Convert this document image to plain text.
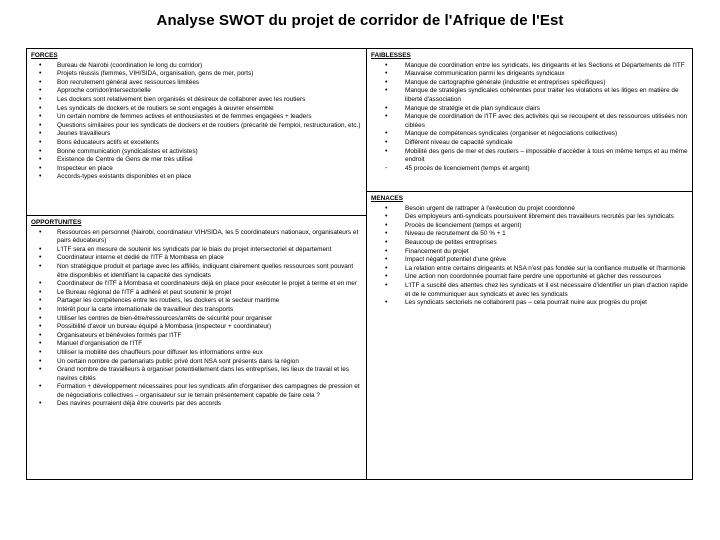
Analyse SWOT du projet de corridor de l'Afrique de l'Est
FORCES
• Bureau de Nairobi (coordination le long du corridor)
• Projets réussis (femmes, VIH/SIDA, organisation, gens de mer, ports)
• Bon recrutement général avec ressources limitées
• Approche corridor/intersectorielle
• Les dockers sont relativement bien organisés et désireux de collaborer avec les routiers
• Les syndicats de dockers et de routiers se sont engagés à œuvrer ensemble
• Un certain nombre de femmes actives et enthousiastes et de femmes engagées + leaders
• Questions similaires pour les syndicats de dockers et de routiers (précarité de l'emploi, restructuration, etc.)
• Jeunes travailleurs
• Bons éducateurs actifs et excellents
• Bonne communication (syndicalistes et activistes)
• Existence de Centre de Gens de mer très utilisé
• Inspecteur en place
• Accords-types existants disponibles et en place
FAIBLESSES
• Manque de coordination entre les syndicats, les dirigeants et les Sections et Départements de l'ITF
• Mauvaise communication parmi les dirigeants syndicaux
• Manque de cartographie générale (industrie et entreprises spécifiques)
• Manque de stratégies syndicales cohérentes pour traiter les violations et les litiges en matière de liberté d'association
• Manque de stratégie et de plan syndicaux clairs
• Manque de coordination de l'ITF avec des activités qui se recoupent et des ressources utilisées non ciblées
• Manque de compétences syndicales (organiser et négociations collectives)
• Différent niveau de capacité syndicale
• Mobilité des gens de mer et des routiers – impossible d'accéder à tous en même temps et au même endroit
- 45 procès de licenciement (temps et argent)
OPPORTUNITES
• Ressources en personnel (Nairobi, coordinateur VIH/SIDA, les 5 coordinateurs nationaux, organisateurs et pairs éducateurs)
• L'ITF sera en mesure de soutenir les syndicats par le biais du projet intersectoriel et département
• Coordinateur interne et dédié de l'ITF à Mombasa en place
• Non stratégique produit et partage avec les affiliés, indiquant clairement quelles ressources sont pouvant être disponibles et identifiant la capacité des syndicats
• Coordinateur de l'ITF à Mombasa et coordinateurs déjà en place pour exécuter le projet à terme et en mer
• Le Bureau régional de l'ITF à adhéré et peut soutenir le projet
• Partager les compétences entre les routiers, les dockers et le secteur maritime
• Intérêt pour la carte internationale de travailleur des transports
• Utiliser les centres de bien-être/ressources/arrêts de sécurité pour organiser
• Possibilité d'avoir un bureau équipé à Mombasa (inspecteur + coordinateur)
• Organisateurs et bénévoles formés par l'ITF
• Manuel d'organisation de l'ITF
• Utiliser la mobilité des chauffeurs pour diffuser les informations entre eux
• Un certain nombre de partenariats public privé dont NSA sont présents dans la région
• Grand nombre de travailleurs à organiser potentiellement dans les entreprises, les lieux de travail et les navires ciblés
• Formation + développement nécessaires pour les syndicats afin d'organiser des campagnes de pression et de négociations collectives – organisateur sur le terrain présentement capable de faire cela ?
• Des navires pourraient déjà être couverts par des accords
MENACES
• Besoin urgent de rattraper à l'exécution du projet coordonné
• Des employeurs anti-syndicats poursuivent librement des travailleurs recrutés par les syndicats
• Procès de licenciement (temps et argent)
• Niveau de recrutement de 50 % + 1
• Beaucoup de petites entreprises
• Financement du projet
• Impact négatif potentiel d'une grève
• La relation entre certains dirigeants et NSA n'est pas fondée sur la confiance mutuelle et l'harmonie
• Une action non coordonnée pourrait faire perdre une opportunité et gâcher des ressources
• L'ITF a suscité des attentes chez les syndicats et il est nécessaire d'identifier un plan d'action rapide et de le communiquer aux syndicats et avec les syndicats
• Les syndicats sectoriels ne collaborent pas – cela pourrait nuire aux progrès du projet
